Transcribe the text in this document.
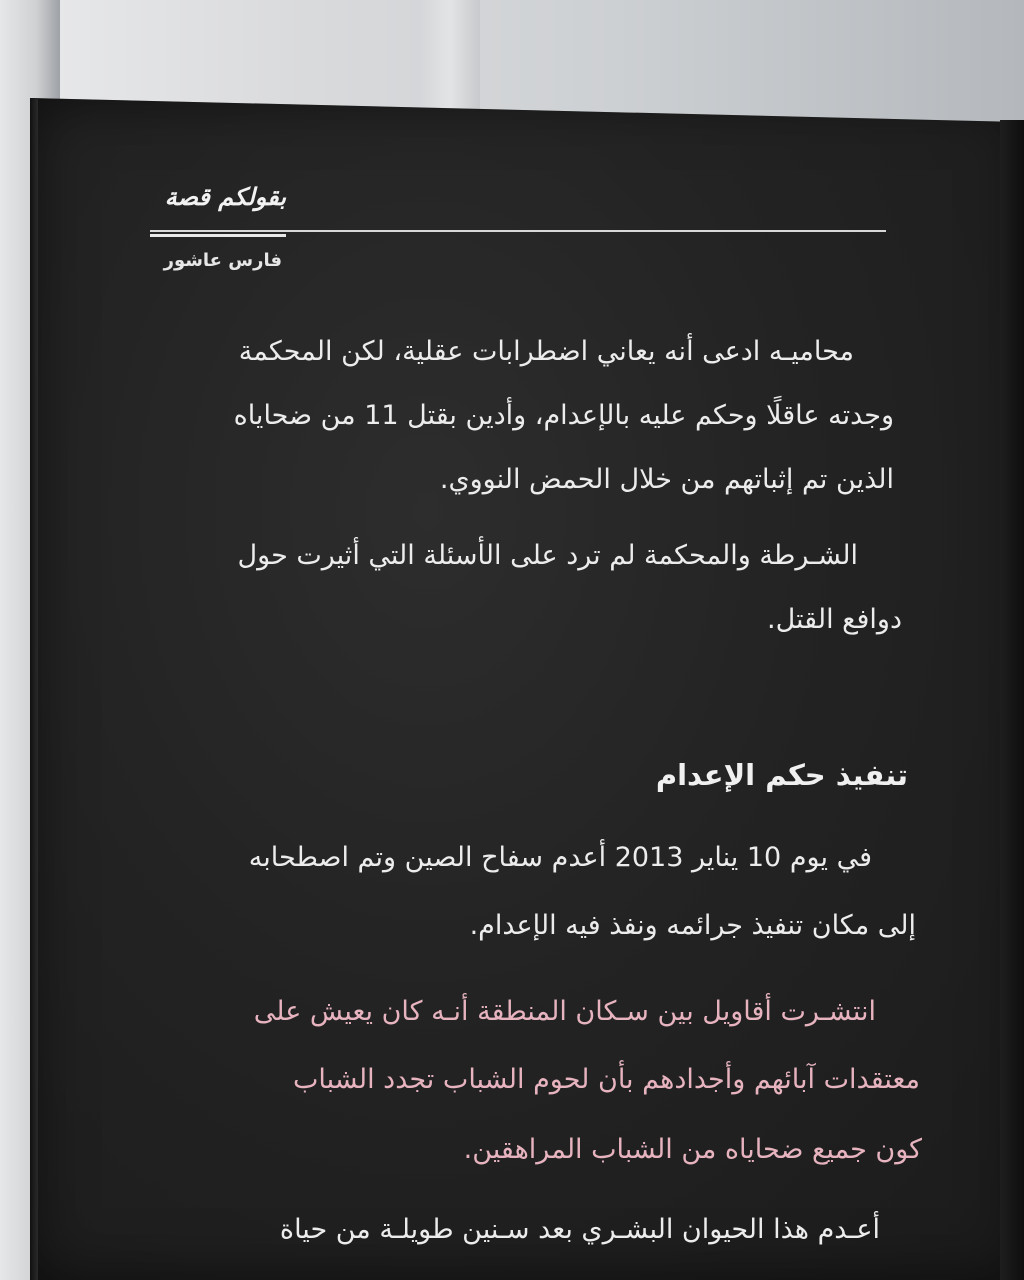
بقولكم قصة
فارس عاشور
محاميـه ادعى أنه يعاني اضطرابات عقلية، لكن المحكمة
وجدته عاقلًا وحكم عليه بالإعدام، وأدين بقتل 11 من ضحاياه
الذين تم إثباتهم من خلال الحمض النووي.
الشـرطة والمحكمة لم ترد على الأسئلة التي أثيرت حول
دوافع القتل.
تنفيذ حكم الإعدام
في يوم 10 يناير 2013 أعدم سفاح الصين وتم اصطحابه
إلى مكان تنفيذ جرائمه ونفذ فيه الإعدام.
انتشـرت أقاويل بين سـكان المنطقة أنـه كان يعيش على
معتقدات آبائهم وأجدادهم بأن لحوم الشباب تجدد الشباب
كون جميع ضحاياه من الشباب المراهقين.
أعـدم هذا الحيوان البشـري بعد سـنين طويلـة من حياة
